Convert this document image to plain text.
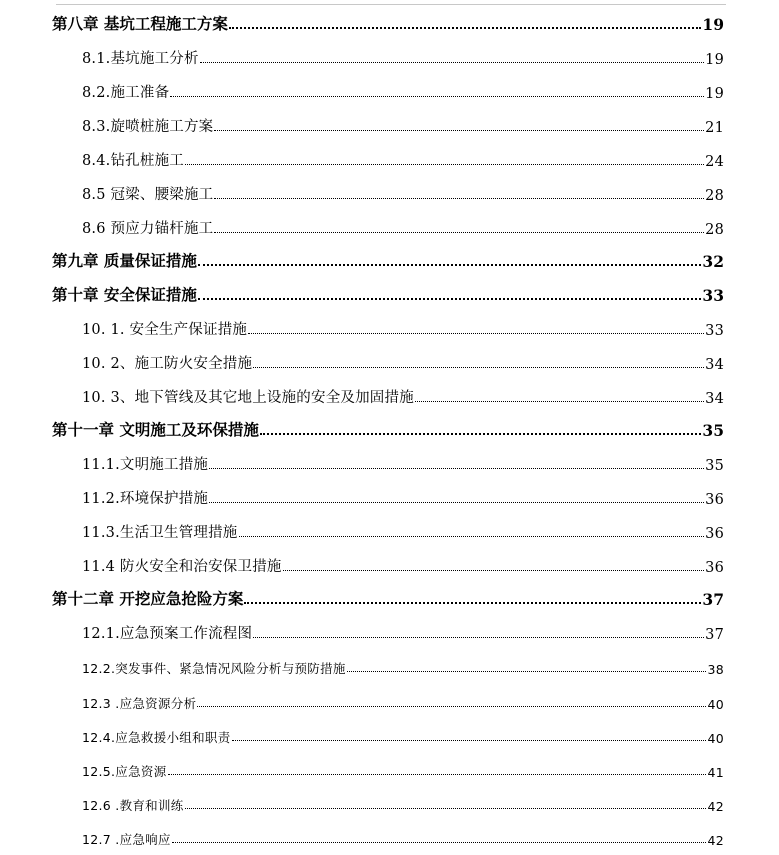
第八章 基坑工程施工方案	19
8.1.基坑施工分析	19
8.2.施工准备	19
8.3.旋喷桩施工方案	21
8.4.钻孔桩施工	24
8.5 冠梁、腰梁施工	28
8.6 预应力锚杆施工	28
第九章 质量保证措施	32
第十章 安全保证措施	33
10. 1. 安全生产保证措施	33
10. 2、施工防火安全措施	34
10. 3、地下管线及其它地上设施的安全及加固措施	34
第十一章 文明施工及环保措施	35
11.1.文明施工措施	35
11.2.环境保护措施	36
11.3.生活卫生管理措施	36
11.4 防火安全和治安保卫措施	36
第十二章 开挖应急抢险方案	37
12.1.应急预案工作流程图	37
12.2.突发事件、紧急情况风险分析与预防措施	38
12.3 .应急资源分析	40
12.4.应急救援小组和职责	40
12.5.应急资源	41
12.6 .教育和训练	42
12.7 .应急响应	42
